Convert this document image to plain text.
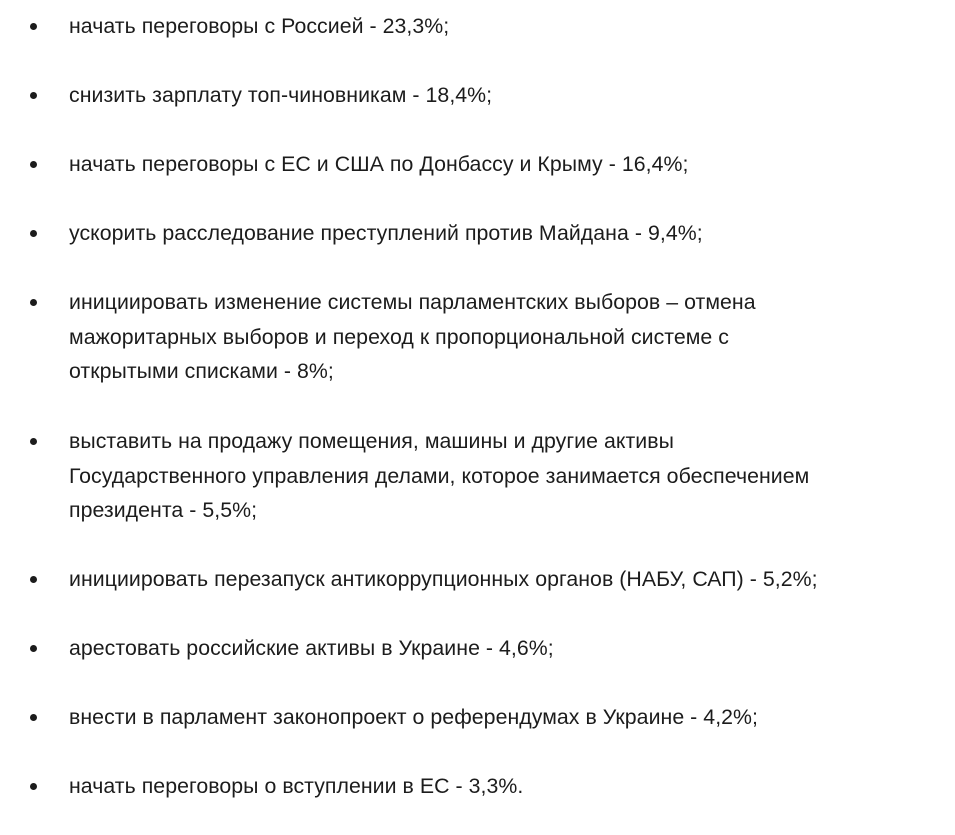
начать переговоры с Россией - 23,3%;
снизить зарплату топ-чиновникам - 18,4%;
начать переговоры с ЕС и США по Донбассу и Крыму - 16,4%;
ускорить расследование преступлений против Майдана - 9,4%;
инициировать изменение системы парламентских выборов – отмена
мажоритарных выборов и переход к пропорциональной системе с
открытыми списками - 8%;
выставить на продажу помещения, машины и другие активы
Государственного управления делами, которое занимается обеспечением
президента - 5,5%;
инициировать перезапуск антикоррупционных органов (НАБУ, САП) - 5,2%;
арестовать российские активы в Украине - 4,6%;
внести в парламент законопроект о референдумах в Украине - 4,2%;
начать переговоры о вступлении в ЕС - 3,3%.
